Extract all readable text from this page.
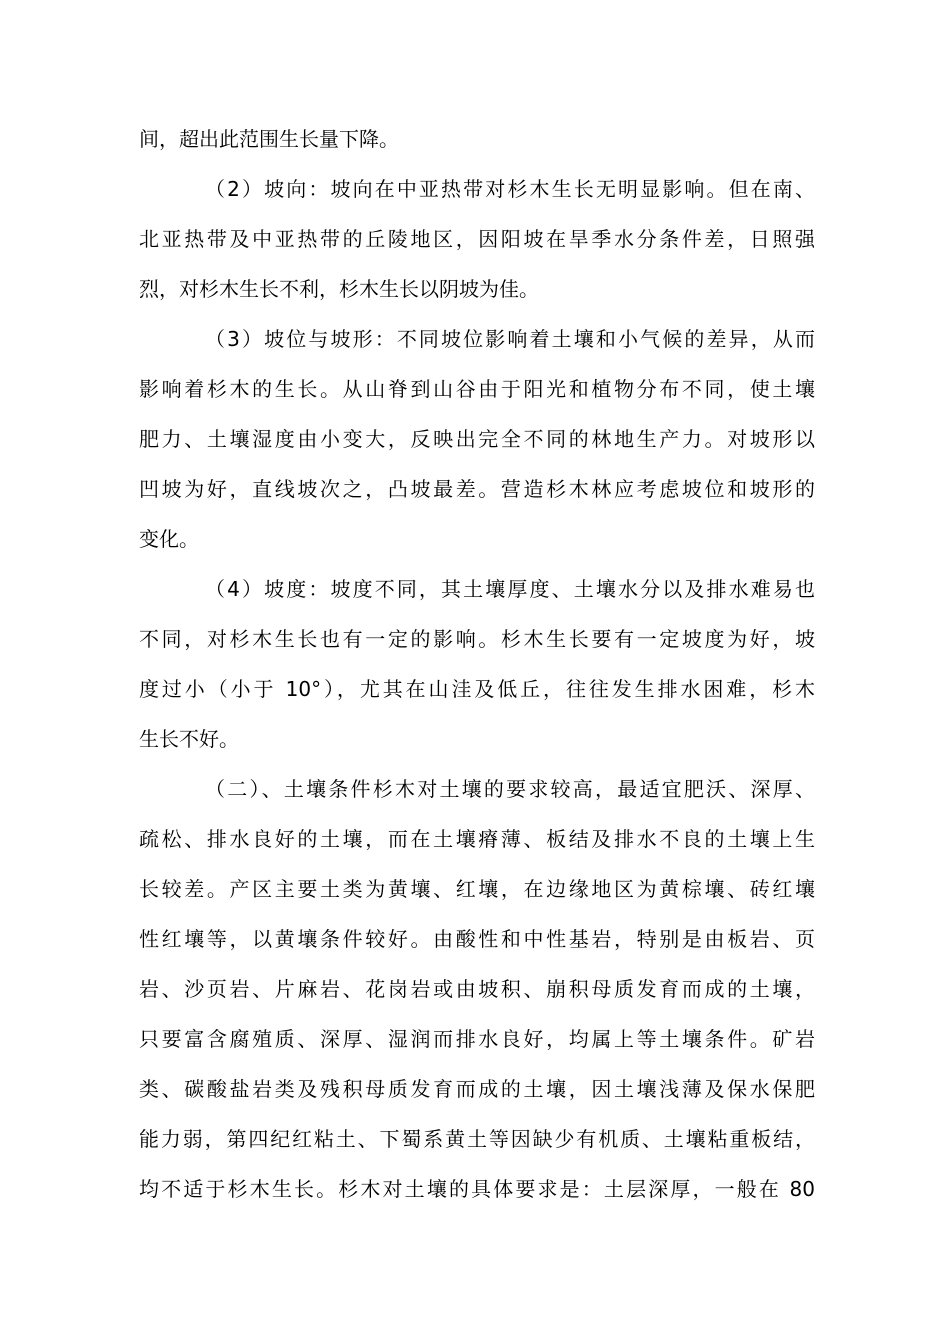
间，超出此范围生长量下降。
（2）坡向：坡向在中亚热带对杉木生长无明显影响。但在南、
北亚热带及中亚热带的丘陵地区，因阳坡在旱季水分条件差，日照强
烈，对杉木生长不利，杉木生长以阴坡为佳。
（3）坡位与坡形：不同坡位影响着土壤和小气候的差异，从而
影响着杉木的生长。从山脊到山谷由于阳光和植物分布不同，使土壤
肥力、土壤湿度由小变大，反映出完全不同的林地生产力。对坡形以
凹坡为好，直线坡次之，凸坡最差。营造杉木林应考虑坡位和坡形的
变化。
（4）坡度：坡度不同，其土壤厚度、土壤水分以及排水难易也
不同，对杉木生长也有一定的影响。杉木生长要有一定坡度为好，坡
度过小（小于 10°），尤其在山洼及低丘，往往发生排水困难，杉木
生长不好。
（二）、土壤条件杉木对土壤的要求较高，最适宜肥沃、深厚、
疏松、排水良好的土壤，而在土壤瘠薄、板结及排水不良的土壤上生
长较差。产区主要土类为黄壤、红壤，在边缘地区为黄棕壤、砖红壤
性红壤等，以黄壤条件较好。由酸性和中性基岩，特别是由板岩、页
岩、沙页岩、片麻岩、花岗岩或由坡积、崩积母质发育而成的土壤，
只要富含腐殖质、深厚、湿润而排水良好，均属上等土壤条件。矿岩
类、碳酸盐岩类及残积母质发育而成的土壤，因土壤浅薄及保水保肥
能力弱，第四纪红粘土、下蜀系黄土等因缺少有机质、土壤粘重板结，
均不适于杉木生长。杉木对土壤的具体要求是：土层深厚，一般在 80
